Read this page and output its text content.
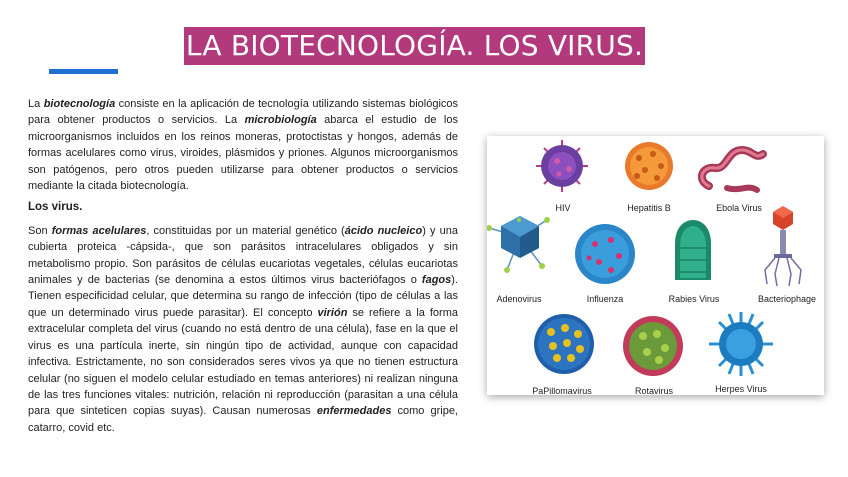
LA BIOTECNOLOGÍA. LOS VIRUS.

La biotecnología consiste en la aplicación de tecnología utilizando sistemas biológicos para obtener productos o servicios. La microbiología abarca el estudio de los microorganismos incluidos en los reinos moneras, protoctistas y hongos, además de formas acelulares como virus, viroides, plásmidos y priones. Algunos microorganismos son patógenos, pero otros pueden utilizarse para obtener productos o servicios mediante la citada biotecnología.

Los virus.

Son formas acelulares, constituidas por un material genético (ácido nucleico) y una cubierta proteica -cápsida-, que son parásitos intracelulares obligados y sin metabolismo propio. Son parásitos de células eucariotas vegetales, células eucariotas animales y de bacterias (se denomina a estos últimos virus bacteriófagos o fagos). Tienen especificidad celular, que determina su rango de infección (tipo de células a las que un determinado virus puede parasitar). El concepto virión se refiere a la forma extracelular completa del virus (cuando no está dentro de una célula), fase en la que el virus es una partícula inerte, sin ningún tipo de actividad, aunque con capacidad infectiva. Estrictamente, no son considerados seres vivos ya que no tienen estructura celular (no siguen el modelo celular estudiado en temas anteriores) ni realizan ninguna de las tres funciones vitales: nutrición, relación ni reproducción (parasitan a una célula para que sinteticen copias suyas). Causan numerosas enfermedades como gripe, catarro, covid etc.

HIV	Hepatitis B	Ebola Virus
Adenovirus	Influenza	Rabies Virus	Bacteriophage
PaPillomavirus	Rotavirus	Herpes Virus
